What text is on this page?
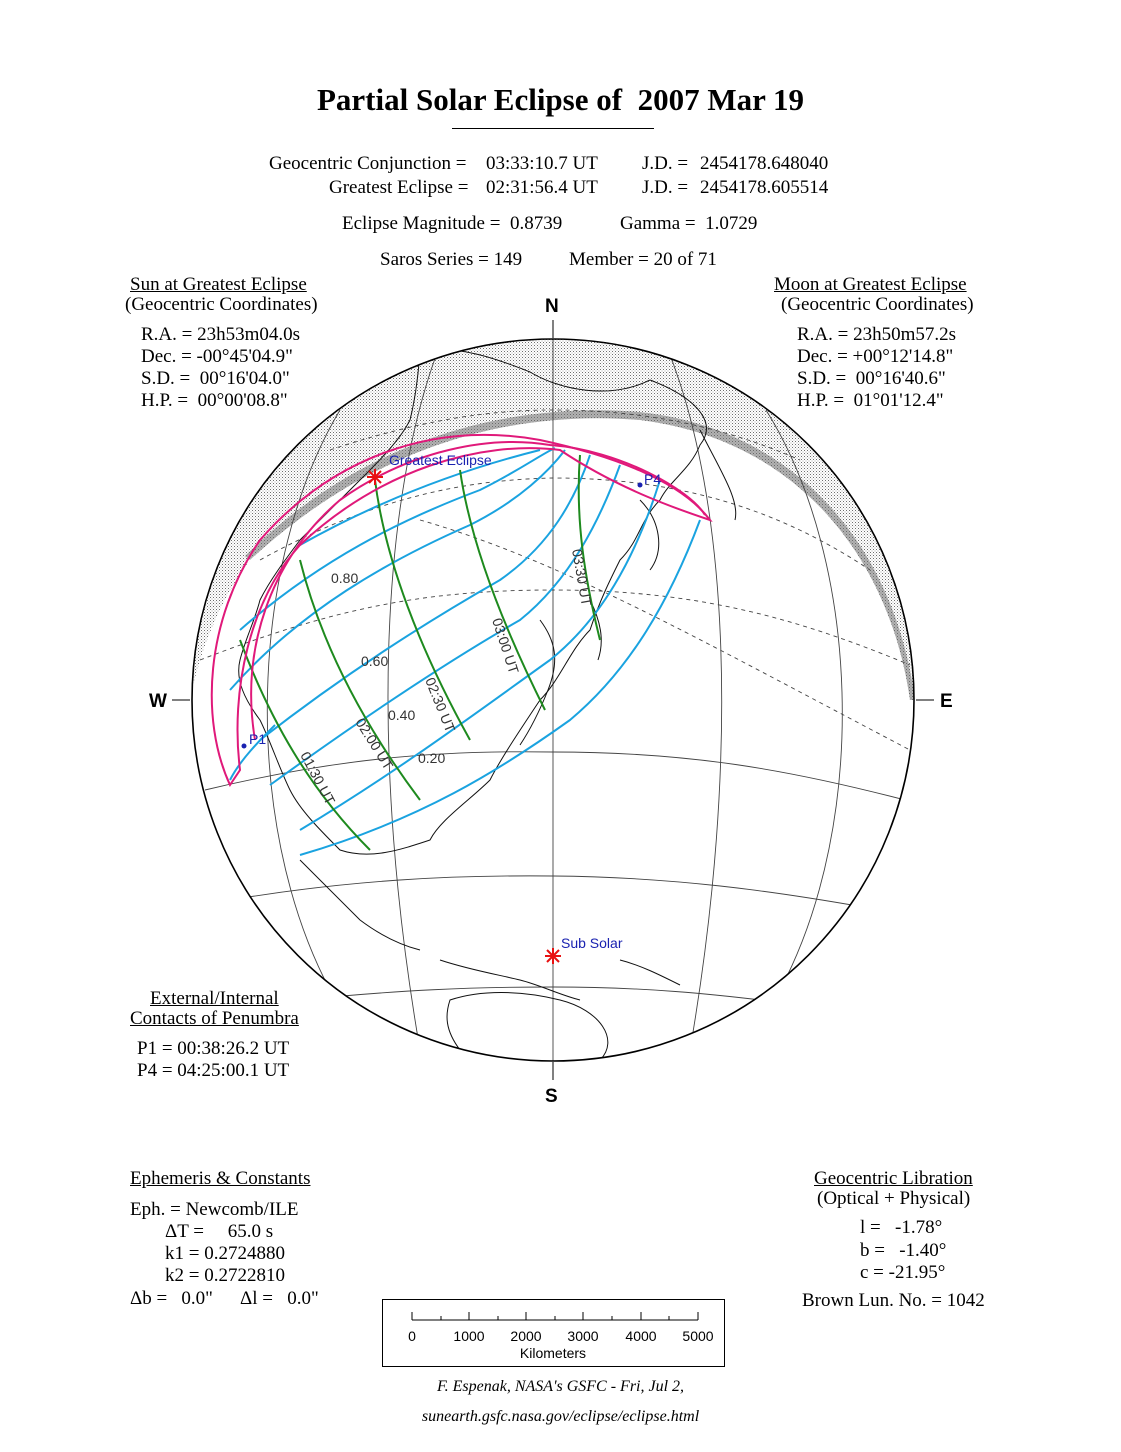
Partial Solar Eclipse of  2007 Mar 19
Geocentric Conjunction = 03:33:10.7 UT J.D. = 2454178.648040
Greatest Eclipse = 02:31:56.4 UT J.D. = 2454178.605514
Eclipse Magnitude =  0.8739	Gamma =  1.0729
Saros Series = 149 Member = 20 of 71
Sun at Greatest Eclipse
(Geocentric Coordinates)
R.A. = 23h53m04.0s
Dec. = -00°45'04.9"
S.D. =  00°16'04.0"
H.P. =  00°00'08.8"
Moon at Greatest Eclipse
(Geocentric Coordinates)
R.A. = 23h50m57.2s
Dec. = +00°12'14.8"
S.D. =  00°16'40.6"
H.P. =  01°01'12.4"
External/Internal
Contacts of Penumbra
P1 = 00:38:26.2 UT
P4 = 04:25:00.1 UT
Ephemeris & Constants
Eph. = Newcomb/ILE
ΔT =     65.0 s
k1 = 0.2724880
k2 = 0.2722810
Δb =   0.0" Δl =   0.0"
Geocentric Libration
(Optical + Physical)
l =   -1.78°
b =   -1.40°
c = -21.95°
Brown Lun. No. = 1042
Greatest Eclipse
Sub Solar
P1
P4
0.80
0.60
0.40
0.20
01:30 UT
02:00 UT
02:30 UT
03:00 UT
03:30 UT
N
S
W	E
0	1000 2000 3000 4000 5000
Kilometers
F. Espenak, NASA's GSFC - Fri, Jul 2,
sunearth.gsfc.nasa.gov/eclipse/eclipse.html
